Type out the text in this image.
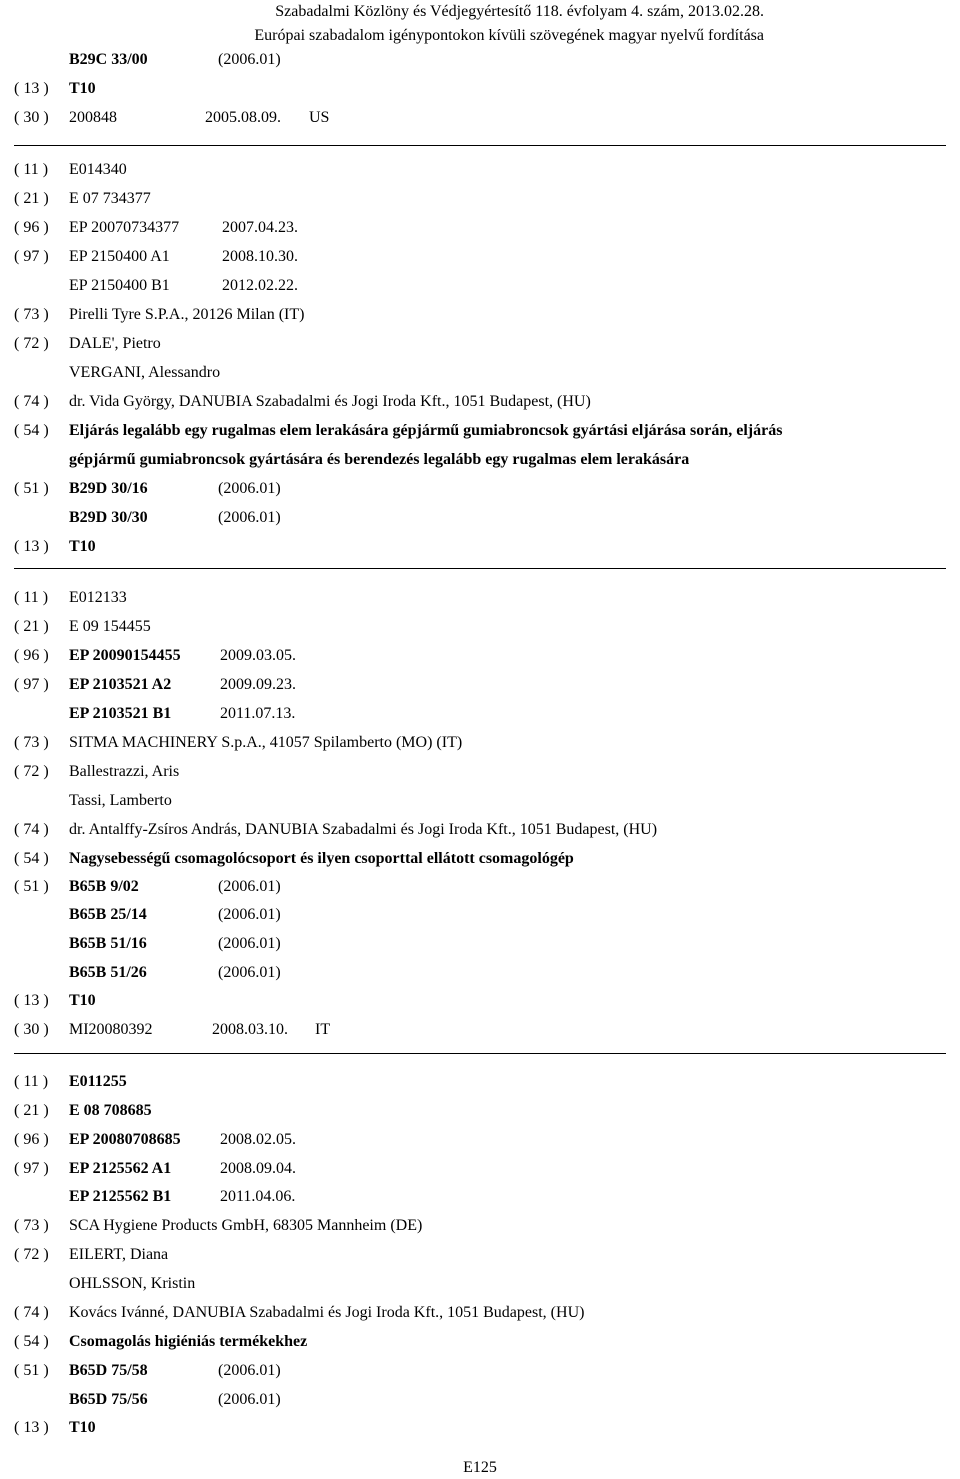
Szabadalmi Közlöny és Védjegyértesítő 118. évfolyam 4. szám, 2013.02.28.
Európai szabadalom igénypontokon kívüli szövegének magyar nyelvű fordítása
B29C 33/00	(2006.01)
( 13 )	T10
( 30 )	200848	2005.08.09. US
( 11 )	E014340
( 21 )	E 07 734377
( 96 )	EP 20070734377	2007.04.23.
( 97 )	EP 2150400 A1	2008.10.30.
EP 2150400 B1	2012.02.22.
( 73 )	Pirelli Tyre S.P.A., 20126 Milan (IT)
( 72 )	DALE', Pietro
VERGANI, Alessandro
( 74 )	dr. Vida György, DANUBIA Szabadalmi és Jogi Iroda Kft., 1051 Budapest, (HU)
( 54 )	Eljárás legalább egy rugalmas elem lerakására gépjármű gumiabroncsok gyártási eljárása során, eljárás
gépjármű gumiabroncsok gyártására és berendezés legalább egy rugalmas elem lerakására
( 51 )	B29D 30/16	(2006.01)
B29D 30/30	(2006.01)
( 13 )	T10
( 11 )	E012133
( 21 )	E 09 154455
( 96 )	EP 20090154455 2009.03.05.
( 97 )	EP 2103521 A2	2009.09.23.
EP 2103521 B1	2011.07.13.
( 73 )	SITMA MACHINERY S.p.A., 41057 Spilamberto (MO) (IT)
( 72 )	Ballestrazzi, Aris
Tassi, Lamberto
( 74 )	dr. Antalffy-Zsíros András, DANUBIA Szabadalmi és Jogi Iroda Kft., 1051 Budapest, (HU)
( 54 )	Nagysebességű csomagolócsoport és ilyen csoporttal ellátott csomagológép
( 51 )	B65B 9/02	(2006.01)
B65B 25/14	(2006.01)
B65B 51/16	(2006.01)
B65B 51/26	(2006.01)
( 13 )	T10
( 30 )	MI20080392	2008.03.10. IT
( 11 )	E011255
( 21 )	E 08 708685
( 96 )	EP 20080708685 2008.02.05.
( 97 )	EP 2125562 A1	2008.09.04.
EP 2125562 B1	2011.04.06.
( 73 )	SCA Hygiene Products GmbH, 68305 Mannheim (DE)
( 72 )	EILERT, Diana
OHLSSON, Kristin
( 74 )	Kovács Ivánné, DANUBIA Szabadalmi és Jogi Iroda Kft., 1051 Budapest, (HU)
( 54 )	Csomagolás higiéniás termékekhez
( 51 )	B65D 75/58	(2006.01)
B65D 75/56	(2006.01)
( 13 )	T10
E125
